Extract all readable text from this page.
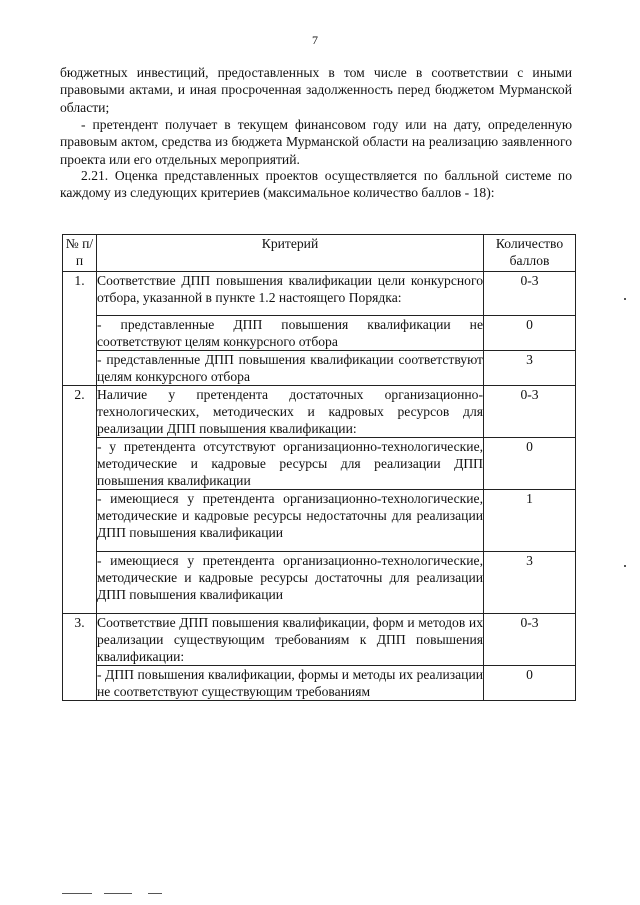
7
бюджетных инвестиций, предоставленных в том числе в соответствии с иными правовыми актами, и иная просроченная задолженность перед бюджетом Мурманской области;
- претендент получает в текущем финансовом году или на дату, определенную правовым актом, средства из бюджета Мурманской области на реализацию заявленного проекта или его отдельных мероприятий.
2.21. Оценка представленных проектов осуществляется по балльной системе по каждому из следующих критериев (максимальное количество баллов - 18):
№ п/п	Критерий	Количество баллов
1.	Соответствие ДПП повышения квалификации цели конкурсного отбора, указанной в пункте 1.2 настоящего Порядка:	0-3
	- представленные ДПП повышения квалификации не соответствуют целям конкурсного отбора	0
	- представленные ДПП повышения квалификации соответствуют целям конкурсного отбора	3
2.	Наличие у претендента достаточных организационно-технологических, методических и кадровых ресурсов для реализации ДПП повышения квалификации:	0-3
	- у претендента отсутствуют организационно-технологические, методические и кадровые ресурсы для реализации ДПП повышения квалификации	0
	- имеющиеся у претендента организационно-технологические, методические и кадровые ресурсы недостаточны для реализации ДПП повышения квалификации	1
	- имеющиеся у претендента организационно-технологические, методические и кадровые ресурсы достаточны для реализации ДПП повышения квалификации	3
3.	Соответствие ДПП повышения квалификации, форм и методов их реализации существующим требованиям к ДПП повышения квалификации:	0-3
	- ДПП повышения квалификации, формы и методы их реализации не соответствуют существующим требованиям	0
